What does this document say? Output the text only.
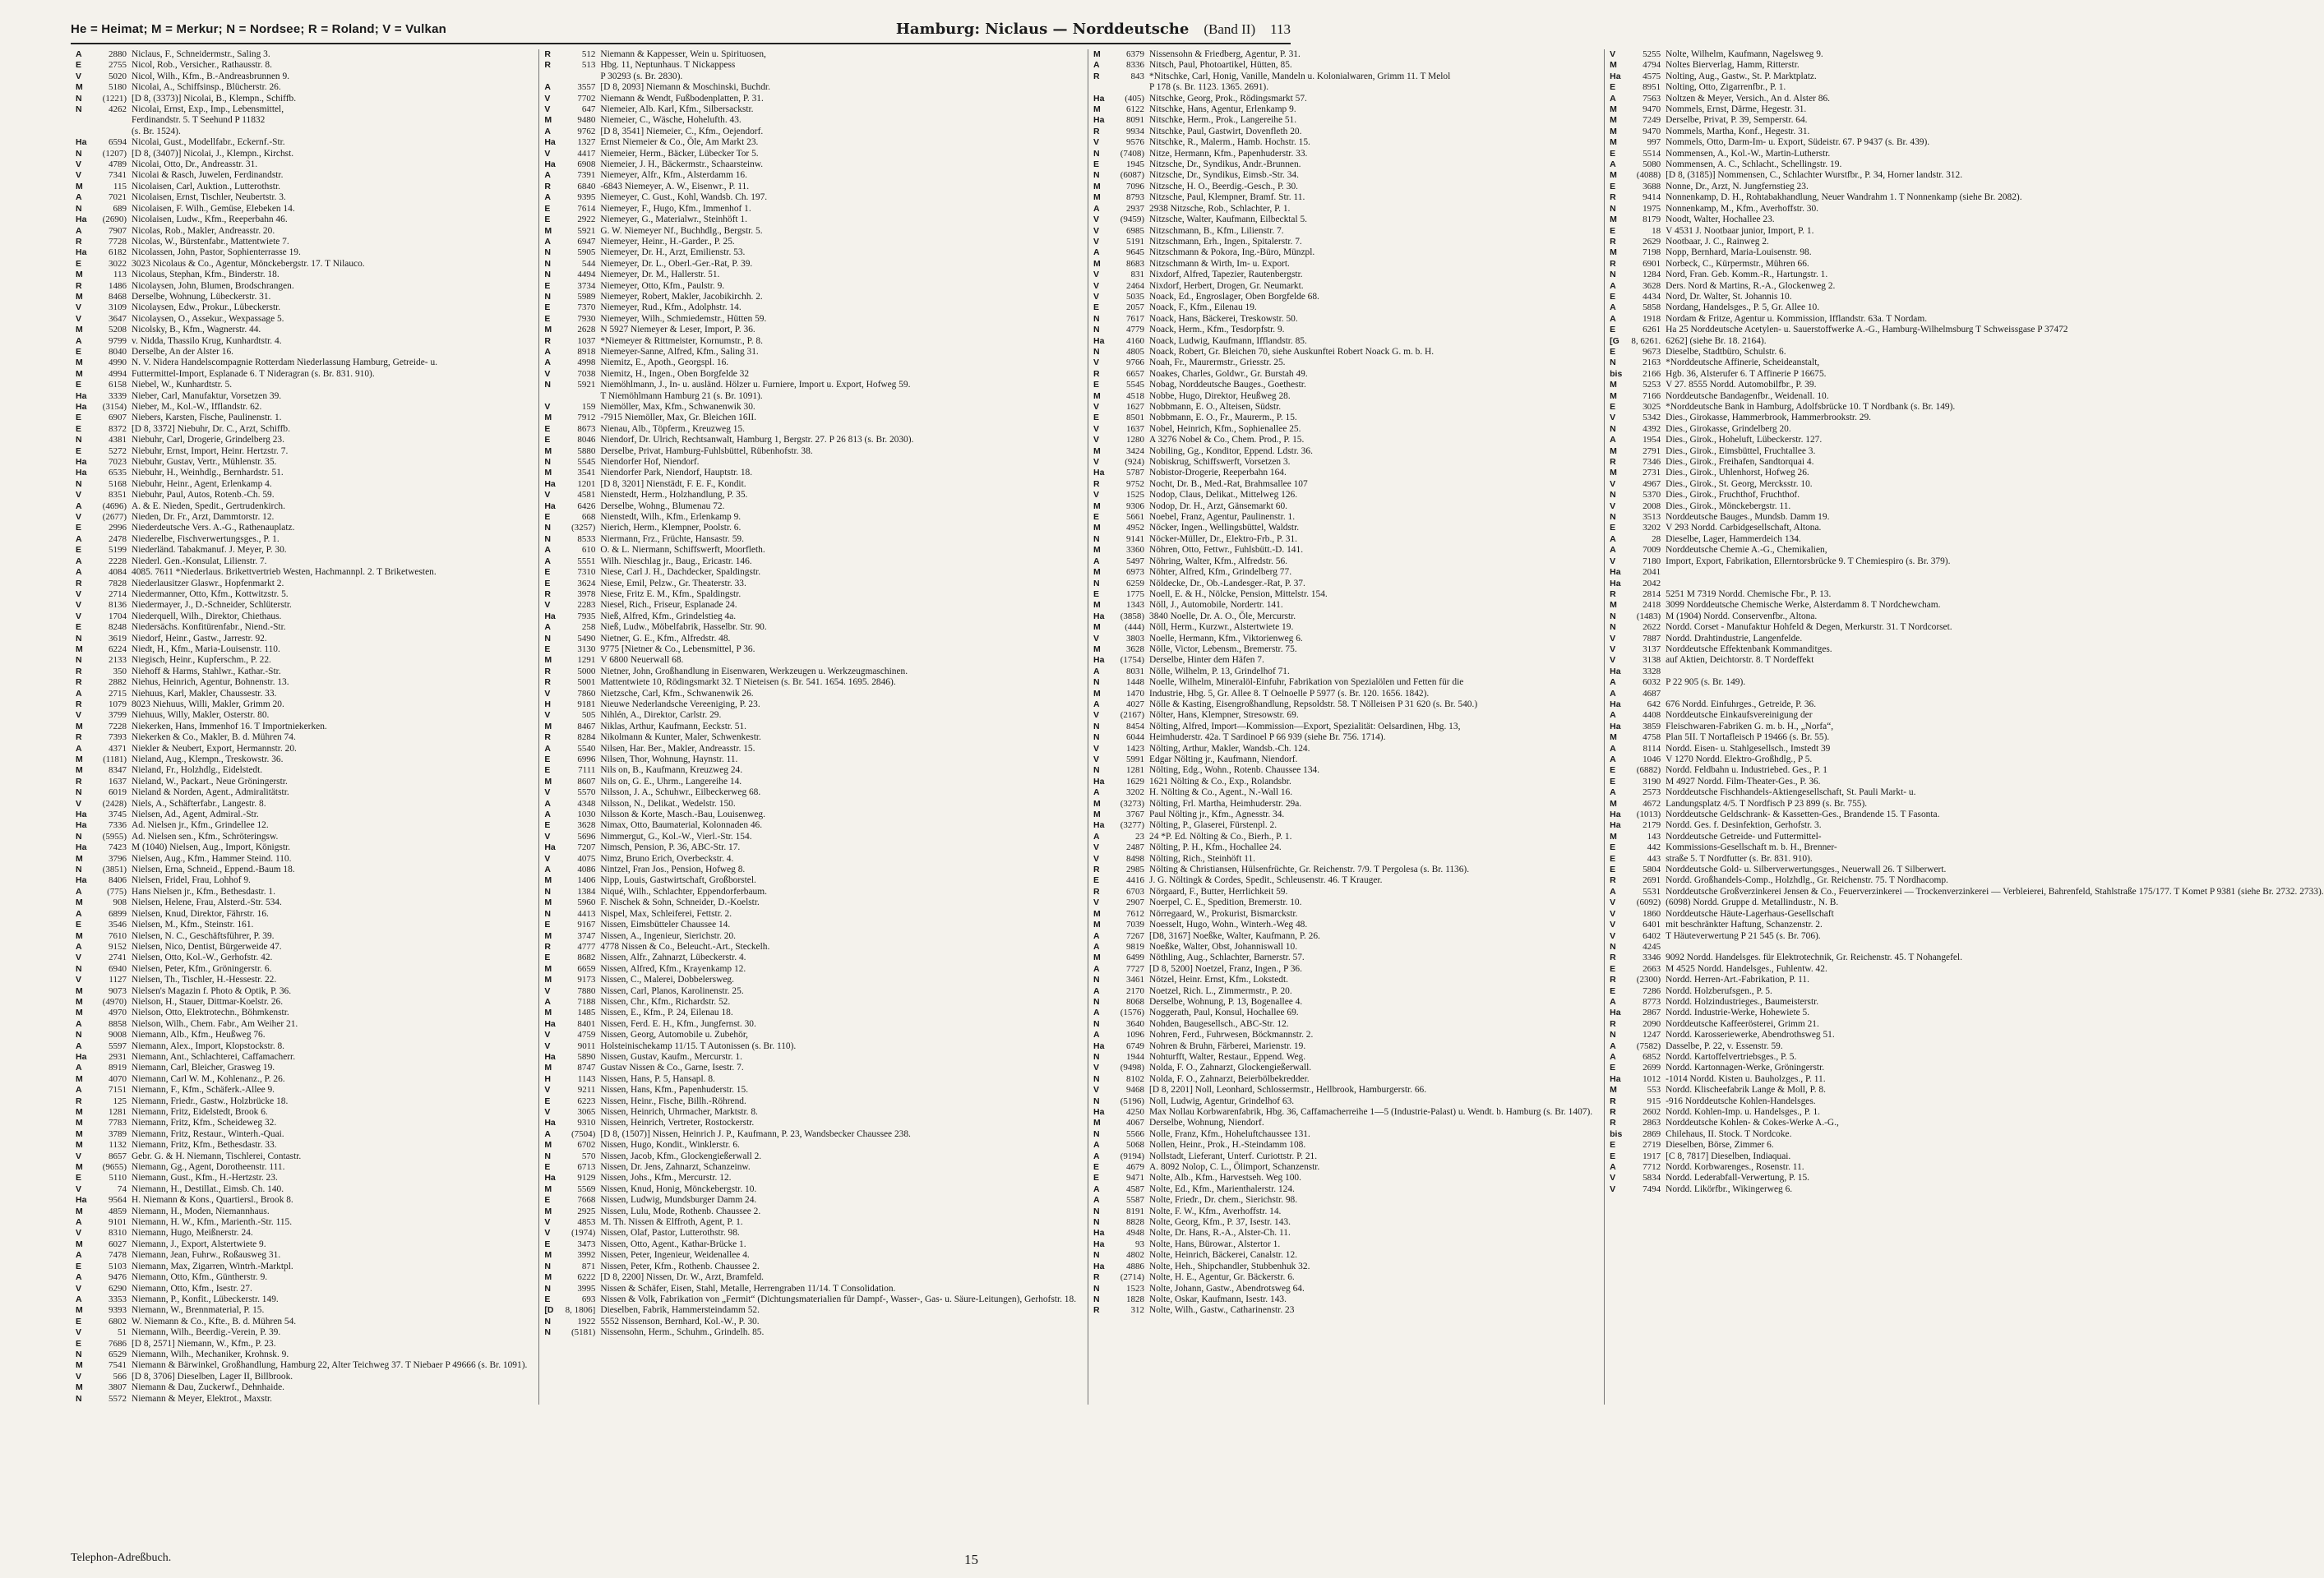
He = Heimat; M = Merkur; N = Nordsee; R = Roland; V = Vulkan	Hamburg: Niclaus — Norddeutsche (Band II) 113
A	2880 Niclaus, F., Schneidermstr., Saling 3.
E	2755 Nicol, Rob., Versicher., Rathausstr. 8.
V	5020 Nicol, Wilh., Kfm., B.-Andreasbrunnen 9.
M	5180 Nicolai, A., Schiffsinsp., Blücherstr. 26.
N (1221) [D 8, (3373)] Nicolai, B., Klempn., Schiffb.
N	4262 Nicolai, Ernst, Exp., Imp., Lebensmittel,
Ferdinandstr. 5. T Seehund P 11832
(s. Br. 1524).
Ha 6594 Nicolai, Gust., Modellfabr., Eckernf.-Str.
N (1207) [D 8, (3407)] Nicolai, J., Klempn., Kirchst.
V	4789 Nicolai, Otto, Dr., Andreasstr. 31.
V	7341 Nicolai & Rasch, Juwelen, Ferdinandstr.
M	115 Nicolaisen, Carl, Auktion., Lutterothstr.
A	7021 Nicolaisen, Ernst, Tischler, Neubertstr. 3.
N	689 Nicolaisen, F. Wilh., Gemüse, Elebeken 14.
Ha (2690) Nicolaisen, Ludw., Kfm., Reeperbahn 46.
A	7907 Nicolas, Rob., Makler, Andreasstr. 20.
R	7728 Nicolas, W., Bürstenfabr., Mattentwiete 7.
Ha 6182 Nicolassen, John, Pastor, Sophienterrasse 19.
E	3022 3023 Nicolaus & Co., Agentur, Mönckebergstr. 17. T Nilauco.
M	113 Nicolaus, Stephan, Kfm., Binderstr. 18.
R	1486 Nicolaysen, John, Blumen, Brodschrangen.
M	8468 Derselbe, Wohnung, Lübeckerstr. 31.
V	3109 Nicolaysen, Edw., Prokur., Lübeckerstr.
V	3647 Nicolaysen, O., Assekur., Wexpassage 5.
M	5208 Nicolsky, B., Kfm., Wagnerstr. 44.
A	9799 v. Nidda, Thassilo Krug, Kunhardtstr. 4.
E	8040 Derselbe, An der Alster 16.
M	4990 N. V. Nidera Handelscompagnie Rotterdam Niederlassung Hamburg, Getreide- u.
M	4994 Futtermittel-Import, Esplanade 6. T Nideragran (s. Br. 831. 910).
E	6158 Niebel, W., Kunhardtstr. 5.
Ha 3339 Nieber, Carl, Manufaktur, Vorsetzen 39.
Ha (3154) Nieber, M., Kol.-W., Ifflandstr. 62.
E	6907 Niebers, Karsten, Fische, Paulinenstr. 1.
E	8372 [D 8, 3372] Niebuhr, Dr. C., Arzt, Schiffb.
N	4381 Niebuhr, Carl, Drogerie, Grindelberg 23.
E	5272 Niebuhr, Ernst, Import, Heinr. Hertzstr. 7.
Ha 7023 Niebuhr, Gustav, Vertr., Mühlenstr. 35.
Ha 6535 Niebuhr, H., Weinhdlg., Bernhardstr. 51.
N	5168 Niebuhr, Heinr., Agent, Erlenkamp 4.
V	8351 Niebuhr, Paul, Autos, Rotenb.-Ch. 59.
A (4696) A. & E. Nieden, Spedit., Gertrudenkirch.
V (2677) Nieden, Dr. Fr., Arzt, Dammtorstr. 12.
E	2996 Niederdeutsche Vers. A.-G., Rathenauplatz.
A	2478 Niederelbe, Fischverwertungsges., P. 1.
E	5199 Niederländ. Tabakmanuf. J. Meyer, P. 30.
A	2228 Niederl. Gen.-Konsulat, Lilienstr. 7.
A	4084 4085. 7611 *Niederlaus. Brikettvertrieb Westen, Hachmannpl. 2. T Briketwesten.
R	7828 Niederlausitzer Glaswr., Hopfenmarkt 2.
V	2714 Niedermanner, Otto, Kfm., Kottwitzstr. 5.
V	8136 Niedermayer, J., D.-Schneider, Schlüterstr.
V	1704 Niederquell, Wilh., Direktor, Chiethaus.
E	8248 Niedersächs. Konfitürenfabr., Niend.-Str.
N	3619 Niedorf, Heinr., Gastw., Jarrestr. 92.
M	6224 Niedt, H., Kfm., Maria-Louisenstr. 110.
N	2133 Niegisch, Heinr., Kupferschm., P. 22.
R	350 Niehoff & Harms, Stahlwr., Kathar.-Str.
R	2882 Niehus, Heinrich, Agentur, Bohnenstr. 13.
A	2715 Niehuus, Karl, Makler, Chaussestr. 33.
R	1079 8023 Niehuus, Willi, Makler, Grimm 20.
V	3799 Niehuus, Willy, Makler, Osterstr. 80.
M	7228 Niekerken, Hans, Immenhof 16. T Importniekerken.
R	7393 Niekerken & Co., Makler, B. d. Mühren 74.
A	4371 Niekler & Neubert, Export, Hermannstr. 20.
M (1181) Nieland, Aug., Klempn., Treskowstr. 36.
M	8347 Nieland, Fr., Holzhdlg., Eidelstedt.
R	1637 Nieland, W., Packart., Neue Gröningerstr.
N	6019 Nieland & Norden, Agent., Admiralitätstr.
V (2428) Niels, A., Schäfterfabr., Langestr. 8.
Ha 3745 Nielsen, Ad., Agent, Admiral.-Str.
Ha 7336 Ad. Nielsen jr., Kfm., Grindellee 12.
N (5955) Ad. Nielsen sen., Kfm., Schröteringsw.
Ha 7423 M (1040) Nielsen, Aug., Import, Königstr.
M	3796 Nielsen, Aug., Kfm., Hammer Steind. 110.
N (3851) Nielsen, Erna, Schneid., Eppend.-Baum 18.
Ha 8406 Nielsen, Fridel, Frau, Lohhof 9.
A	(775) Hans Nielsen jr., Kfm., Bethesdastr. 1.
M	908 Nielsen, Helene, Frau, Alsterd.-Str. 534.
A	6899 Nielsen, Knud, Direktor, Fährstr. 16.
E	3546 Nielsen, M., Kfm., Steinstr. 161.
M	7610 Nielsen, N. C., Geschäftsführer, P. 39.
A	9152 Nielsen, Nico, Dentist, Bürgerweide 47.
V	2741 Nielsen, Otto, Kol.-W., Gerhofstr. 42.
N	6940 Nielsen, Peter, Kfm., Gröningerstr. 6.
V	1127 Nielsen, Th., Tischler, H.-Hessestr. 22.
M	9073 Nielsen's Magazin f. Photo & Optik, P. 36.
M (4970) Nielson, H., Stauer, Dittmar-Koelstr. 26.
M	4970 Nielson, Otto, Elektrotechn., Böhmkenstr.
A	8858 Nielson, Wilh., Chem. Fabr., Am Weiher 21.
N	9008 Niemann, Alb., Kfm., Heußweg 76.
A	5597 Niemann, Alex., Import, Klopstockstr. 8.
Ha 2931 Niemann, Ant., Schlachterei, Caffamacherr.
A	8919 Niemann, Carl, Bleicher, Grasweg 19.
M	4070 Niemann, Carl W. M., Kohlenanz., P. 26.
A	7151 Niemann, F., Kfm., Schäferk.-Allee 9.
R	125 Niemann, Friedr., Gastw., Holzbrücke 18.
M	1281 Niemann, Fritz, Eidelstedt, Brook 6.
M	7783 Niemann, Fritz, Kfm., Scheideweg 32.
M	3789 Niemann, Fritz, Restaur., Winterh.-Quai.
M	1132 Niemann, Fritz, Kfm., Bethesdastr. 33.
V	8657 Gebr. G. & H. Niemann, Tischlerei, Contastr.
M (9655) Niemann, Gg., Agent, Dorotheenstr. 111.
E	5110 Niemann, Gust., Kfm., H.-Hertzstr. 23.
V	74 Niemann, H., Destillat., Eimsb. Ch. 140.
Ha 9564 H. Niemann & Kons., Quartiersl., Brook 8.
M	4859 Niemann, H., Moden, Niemannhaus.
A	9101 Niemann, H. W., Kfm., Marienth.-Str. 115.
V	8310 Niemann, Hugo, Meißnerstr. 24.
M	6027 Niemann, J., Export, Alstertwiete 9.
A	7478 Niemann, Jean, Fuhrw., Roßausweg 31.
E	5103 Niemann, Max, Zigarren, Wintrh.-Marktpl.
A	9476 Niemann, Otto, Kfm., Güntherstr. 9.
V	6290 Niemann, Otto, Kfm., Isestr. 27.
A	3353 Niemann, P., Konfit., Lübeckerstr. 149.
M	9393 Niemann, W., Brennmaterial, P. 15.
E	6802 W. Niemann & Co., Kfte., B. d. Mühren 54.
V	51 Niemann, Wilh., Beerdig.-Verein, P. 39.
E	7686 [D 8, 2571] Niemann, W., Kfm., P. 23.
N	6529 Niemann, Wilh., Mechaniker, Krohnsk. 9.
M	7541 Niemann & Bärwinkel, Großhandlung, Hamburg 22, Alter Teichweg 37. T Niebaer P 49666 (s. Br. 1091).
V	566 [D 8, 3706] Dieselben, Lager II, Billbrook.
M	3807 Niemann & Dau, Zuckerwf., Dehnhaide.
N	5572 Niemann & Meyer, Elektrot., Maxstr.
R	512 Niemann & Kappesser, Wein u. Spirituosen,
R	513 Hbg. 11, Neptunhaus. T Nickappess
P 30293 (s. Br. 2830).
A	3557 [D 8, 2093] Niemann & Moschinski, Buchdr.
V	7702 Niemann & Wendt, Fußbodenplatten, P. 31.
V	647 Niemeier, Alb. Karl, Kfm., Silbersackstr.
M	9480 Niemeier, C., Wäsche, Hohelufth. 43.
A	9762 [D 8, 3541] Niemeier, C., Kfm., Oejendorf.
Ha 1327 Ernst Niemeier & Co., Öle, Am Markt 23.
V	4417 Niemeier, Herm., Bäcker, Lübecker Tor 5.
Ha 6908 Niemeier, J. H., Bäckermstr., Schaarsteinw.
A	7391 Niemeyer, Alfr., Kfm., Alsterdamm 16.
R	6840 -6843 Niemeyer, A. W., Eisenwr., P. 11.
A	9395 Niemeyer, C. Gust., Kohl, Wandsb. Ch. 197.
E	7614 Niemeyer, F., Hugo, Kfm., Immenhof 1.
E	2922 Niemeyer, G., Materialwr., Steinhöft 1.
M	5921 G. W. Niemeyer Nf., Buchhdlg., Bergstr. 5.
A	6947 Niemeyer, Heinr., H.-Garder., P. 25.
N	5905 Niemeyer, Dr. H., Arzt, Emilienstr. 53.
N	544 Niemeyer, Dr. L., Oberl.-Ger.-Rat, P. 39.
N	4494 Niemeyer, Dr. M., Hallerstr. 51.
E	3734 Niemeyer, Otto, Kfm., Paulstr. 9.
N	5989 Niemeyer, Robert, Makler, Jacobikirchh. 2.
E	7370 Niemeyer, Rud., Kfm., Adolphstr. 14.
E	7930 Niemeyer, Wilh., Schmiedemstr., Hütten 59.
M	2628 N 5927 Niemeyer & Leser, Import, P. 36.
R	1037 *Niemeyer & Rittmeister, Kornumstr., P. 8.
A	8918 Niemeyer-Sanne, Alfred, Kfm., Saling 31.
A	4998 Niemitz, E., Apoth., Georgspl. 16.
V	7038 Niemitz, H., Ingen., Oben Borgfelde 32
N	5921 Niemöhlmann, J., In- u. ausländ. Hölzer u. Furniere, Import u. Export, Hofweg 59.
T Niemöhlmann Hamburg 21 (s. Br. 1091).
V	159 Niemöller, Max, Kfm., Schwanenwik 30.
M	7912 -7915 Niemöller, Max, Gr. Bleichen 16II.
E	8673 Nienau, Alb., Töpferm., Kreuzweg 15.
E	8046 Niendorf, Dr. Ulrich, Rechtsanwalt, Hamburg 1, Bergstr. 27. P 26 813 (s. Br. 2030).
M	5880 Derselbe, Privat, Hamburg-Fuhlsbüttel, Rübenhofstr. 38.
N	5545 Niendorfer Hof, Niendorf.
M	3541 Niendorfer Park, Niendorf, Hauptstr. 18.
Ha 1201 [D 8, 3201] Nienstädt, F. E. F., Kondit.
V	4581 Nienstedt, Herm., Holzhandlung, P. 35.
Ha 6426 Derselbe, Wohng., Blumenau 72.
E	668 Nienstedt, Wilh., Kfm., Erlenkamp 9.
N (3257) Nierich, Herm., Klempner, Poolstr. 6.
N	8533 Niermann, Frz., Früchte, Hansastr. 59.
A	610 O. & L. Niermann, Schiffswerft, Moorfleth.
A	5551 Wilh. Nieschlag jr., Baug., Ericastr. 146.
E	7310 Niese, Carl J. H., Dachdecker, Spaldingstr.
E	3624 Niese, Emil, Pelzw., Gr. Theaterstr. 33.
R	3978 Niese, Fritz E. M., Kfm., Spaldingstr.
V	2283 Niesel, Rich., Friseur, Esplanade 24.
Ha 7935 Nieß, Alfred, Kfm., Grindelstieg 4a.
A	258 Nieß, Ludw., Möbelfabrik, Hasselbr. Str. 90.
N	5490 Nietner, G. E., Kfm., Alfredstr. 48.
E	3130 9775 [Nietner & Co., Lebensmittel, P 36.
M	1291 V 6800 Neuerwall 68.
R	5000 Nietner, John, Großhandlung in Eisenwaren, Werkzeugen u. Werkzeugmaschinen.
R	5001 Mattentwiete 10, Rödingsmarkt 32. T Nieteisen (s. Br. 541. 1654. 1695. 2846).
V	7860 Nietzsche, Carl, Kfm., Schwanenwik 26.
H	9181 Nieuwe Nederlandsche Vereeniging, P. 23.
V	505 Nihlén, A., Direktor, Carlstr. 29.
M	8467 Niklas, Arthur, Kaufmann, Eeckstr. 51.
R	8284 Nikolmann & Kunter, Maler, Schwenkestr.
A	5540 Nilsen, Har. Ber., Makler, Andreasstr. 15.
E	6996 Nilsen, Thor, Wohnung, Haynstr. 11.
E	7111 Nils on, B., Kaufmann, Kreuzweg 24.
M	8607 Nils on, G. E., Uhrm., Langereihe 14.
V	5570 Nilsson, J. A., Schuhwr., Eilbeckerweg 68.
A	4348 Nilsson, N., Delikat., Wedelstr. 150.
A	1030 Nilsson & Korte, Masch.-Bau, Louisenweg.
E	3628 Nimax, Otto, Baumaterial, Kolonnaden 46.
V	5696 Nimmergut, G., Kol.-W., Vierl.-Str. 154.
Ha 7207 Nimsch, Pension, P. 36, ABC-Str. 17.
V	4075 Nimz, Bruno Erich, Overbeckstr. 4.
A	4086 Nintzel, Fran Jos., Pension, Hofweg 8.
M	1406 Nipp, Louis, Gastwirtschaft, Großborstel.
N	1384 Niqué, Wilh., Schlachter, Eppendorferbaum.
M	5960 F. Nischek & Sohn, Schneider, D.-Koelstr.
N	4413 Nispel, Max, Schleiferei, Fettstr. 2.
E	9167 Nissen, Eimsbütteler Chaussee 14.
M	3747 Nissen, A., Ingenieur, Sierichstr. 20.
R	4777 4778 Nissen & Co., Beleucht.-Art., Steckelh.
E	8682 Nissen, Alfr., Zahnarzt, Lübeckerstr. 4.
M	6659 Nissen, Alfred, Kfm., Krayenkamp 12.
M	9173 Nissen, C., Malerei, Dobbelersweg.
V	7880 Nissen, Carl, Planos, Karolinenstr. 25.
A	7188 Nissen, Chr., Kfm., Richardstr. 52.
M	1485 Nissen, E., Kfm., P. 24, Eilenau 18.
Ha 8401 Nissen, Ferd. E. H., Kfm., Jungfernst. 30.
V	4759 Nissen, Georg, Automobile u. Zubehör,
V	9011 Holsteinischekamp 11/15. T Autonissen (s. Br. 110).
Ha 5890 Nissen, Gustav, Kaufm., Mercurstr. 1.
M	8747 Gustav Nissen & Co., Garne, Isestr. 7.
H	1143 Nissen, Hans, P. 5, Hansapl. 8.
V	9211 Nissen, Hans, Kfm., Papenhuderstr. 15.
E	6223 Nissen, Heinr., Fische, Billh.-Röhrend.
V	3065 Nissen, Heinrich, Uhrmacher, Marktstr. 8.
Ha 9310 Nissen, Heinrich, Vertreter, Rostockerstr.
A (7504) [D 8, (1507)] Nissen, Heinrich J. P., Kaufmann, P. 23, Wandsbecker Chaussee 238.
M	6702 Nissen, Hugo, Kondit., Winklerstr. 6.
N	570 Nissen, Jacob, Kfm., Glockengießerwall 2.
E	6713 Nissen, Dr. Jens, Zahnarzt, Schanzeinw.
Ha 9129 Nissen, Johs., Kfm., Mercurstr. 12.
M	5569 Nissen, Knud, Honig, Mönckebergstr. 10.
E	7668 Nissen, Ludwig, Mundsburger Damm 24.
M	2925 Nissen, Lulu, Mode, Rothenb. Chaussee 2.
V	4853 M. Th. Nissen & Elffroth, Agent, P. 1.
V (1974) Nissen, Olaf, Pastor, Lutterothstr. 98.
E	3473 Nissen, Otto, Agent., Kathar-Brücke 1.
M	3992 Nissen, Peter, Ingenieur, Weidenallee 4.
N	871 Nissen, Peter, Kfm., Rothenb. Chaussee 2.
M	6222 [D 8, 2200] Nissen, Dr. W., Arzt, Bramfeld.
N	3995 Nissen & Schäfer, Eisen, Stahl, Metalle, Herrengraben 11/14. T Consolidation.
E	693 Nissen & Volk, Fabrikation von „Fermit“ (Dichtungsmaterialien für Dampf-, Wasser-, Gas- u. Säure-Leitungen), Gerhofstr. 18.
[D 8, 1806] Dieselben, Fabrik, Hammersteindamm 52.
N	1922 5552 Nissenson, Bernhard, Kol.-W., P. 30.
N (5181) Nissensohn, Herm., Schuhm., Grindelh. 85.
M	6379 Nissensohn & Friedberg, Agentur, P. 31.
A	8336 Nitsch, Paul, Photoartikel, Hütten, 85.
R	843 *Nitschke, Carl, Honig, Vanille, Mandeln u. Kolonialwaren, Grimm 11. T Melol
P 178 (s. Br. 1123. 1365. 2691).
Ha (405) Nitschke, Georg, Prok., Rödingsmarkt 57.
M	6122 Nitschke, Hans, Agentur, Erlenkamp 9.
Ha 8091 Nitschke, Herm., Prok., Langereihe 51.
R	9934 Nitschke, Paul, Gastwirt, Dovenfleth 20.
V	9576 Nitschke, R., Malerm., Hamb. Hochstr. 15.
N (7408) Nitze, Hermann, Kfm., Papenhuderstr. 33.
E	1945 Nitzsche, Dr., Syndikus, Andr.-Brunnen.
N (6087) Nitzsche, Dr., Syndikus, Eimsb.-Str. 34.
M	7096 Nitzsche, H. O., Beerdig.-Gesch., P. 30.
M	8793 Nitzsche, Paul, Klempner, Bramf. Str. 11.
A	2937 2938 Nitzsche, Rob., Schlachter, P. 1.
V (9459) Nitzsche, Walter, Kaufmann, Eilbecktal 5.
V	6985 Nitzschmann, B., Kfm., Lilienstr. 7.
V	5191 Nitzschmann, Erh., Ingen., Spitalerstr. 7.
A	9645 Nitzschmann & Pokora, Ing.-Büro, Münzpl.
M	8683 Nitzschmann & Wirth, Im- u. Export.
V	831 Nixdorf, Alfred, Tapezier, Rautenbergstr.
V	2464 Nixdorf, Herbert, Drogen, Gr. Neumarkt.
V	5035 Noack, Ed., Engroslager, Oben Borgfelde 68.
E	2057 Noack, F., Kfm., Eilenau 19.
N	7617 Noack, Hans, Bäckerei, Treskowstr. 50.
N	4779 Noack, Herm., Kfm., Tesdorpfstr. 9.
Ha 4160 Noack, Ludwig, Kaufmann, Ifflandstr. 85.
N	4805 Noack, Robert, Gr. Bleichen 70, siehe Auskunftei Robert Noack G. m. b. H.
V	9766 Noah, Fr., Maurermstr., Griesstr. 25.
R	6657 Noakes, Charles, Goldwr., Gr. Burstah 49.
E	5545 Nobag, Norddeutsche Bauges., Goethestr.
M	4518 Nobbe, Hugo, Direktor, Heußweg 28.
V	1627 Nobbmann, E. O., Alteisen, Südstr.
E	8501 Nobbmann, E. O., Fr., Maurerm., P. 15.
V	1637 Nobel, Heinrich, Kfm., Sophienallee 25.
V	1280 A 3276 Nobel & Co., Chem. Prod., P. 15.
M	3424 Nobiling, Gg., Konditor, Eppend. Ldstr. 36.
V	(924) Nobiskrug, Schiffswerft, Vorsetzen 3.
Ha 5787 Nobistor-Drogerie, Reeperbahn 164.
R	9752 Nocht, Dr. B., Med.-Rat, Brahmsallee 107
V	1525 Nodop, Claus, Delikat., Mittelweg 126.
M	9306 Nodop, Dr. H., Arzt, Gänsemarkt 60.
E	5661 Noebel, Franz, Agentur, Paulinenstr. 1.
M	4952 Nöcker, Ingen., Wellingsbüttel, Waldstr.
N	9141 Nöcker-Müller, Dr., Elektro-Frb., P. 31.
M	3360 Nöhren, Otto, Fettwr., Fuhlsbütt.-D. 141.
A	5497 Nöhring, Walter, Kfm., Alfredstr. 56.
M	6973 Nöhter, Alfred, Kfm., Grindelberg 77.
N	6259 Nöldecke, Dr., Ob.-Landesger.-Rat, P. 37.
E	1775 Noell, E. & H., Nölcke, Pension, Mittelstr. 154.
M	1343 Nöll, J., Automobile, Nordertr. 141.
Ha (3858) 3840 Noelle, Dr. A. O., Öle, Mercurstr.
M	(444) Nöll, Herm., Kurzwr., Alstertwiete 19.
V	3803 Noelle, Hermann, Kfm., Viktorienweg 6.
M	3628 Nölle, Victor, Lebensm., Bremerstr. 75.
Ha (1754) Derselbe, Hinter dem Häfen 7.
A	8031 Nölle, Wilhelm, P. 13, Grindelhof 71.
N	1448 Noelle, Wilhelm, Mineralöl-Einfuhr, Fabrikation von Spezialölen und Fetten für die
M	1470 Industrie, Hbg. 5, Gr. Allee 8. T Oelnoelle P 5977 (s. Br. 120. 1656. 1842).
A	4027 Nölle & Kasting, Eisengroßhandlung, Repsoldstr. 58. T Nölleisen P 31 620 (s. Br. 540.)
V (2167) Nölter, Hans, Klempner, Stresowstr. 69.
N	8454 Nölting, Alfred, Import—Kommission—Export, Spezialität: Oelsardinen, Hbg. 13,
N	6044 Heimhuderstr. 42a. T Sardinoel P 66 939 (siehe Br. 756. 1714).
V	1423 Nölting, Arthur, Makler, Wandsb.-Ch. 124.
V	5991 Edgar Nölting jr., Kaufmann, Niendorf.
N	1281 Nölting, Edg., Wohn., Rotenb. Chaussee 134.
Ha 1629 1621 Nölting & Co., Exp., Rolandsbr.
A	3202 H. Nölting & Co., Agent., N.-Wall 16.
M (3273) Nölting, Frl. Martha, Heimhuderstr. 29a.
M	3767 Paul Nölting jr., Kfm., Agnesstr. 34.
Ha (3277) Nölting, P., Glaserei, Fürstenpl. 2.
A	23 24 *P. Ed. Nölting & Co., Bierh., P. 1.
V	2487 Nölting, P. H., Kfm., Hochallee 24.
V	8498 Nölting, Rich., Steinhöft 11.
R	2985 Nölting & Christiansen, Hülsenfrüchte, Gr. Reichenstr. 7/9. T Pergolesa (s. Br. 1136).
E	4416 J. G. Nöltingk & Cordes, Spedit., Schleusenstr. 46. T Krauger.
R	6703 Nörgaard, F., Butter, Herrlichkeit 59.
V	2907 Noerpel, C. E., Spedition, Bremerstr. 10.
M	7612 Nörregaard, W., Prokurist, Bismarckstr.
M	7039 Noesselt, Hugo, Wohn., Winterh.-Weg 48.
A	7267 [D8, 3167] Noeßke, Walter, Kaufmann, P. 26.
A	9819 Noeßke, Walter, Obst, Johanniswall 10.
M	6499 Nöthling, Aug., Schlachter, Barnerstr. 57.
A	7727 [D 8, 5200] Noetzel, Franz, Ingen., P 36.
N	3461 Nötzel, Heinr. Ernst, Kfm., Lokstedt.
A	2170 Noetzel, Rich. L., Zimmermstr., P. 20.
N	8068 Derselbe, Wohnung, P. 13, Bogenallee 4.
A (1576) Noggerath, Paul, Konsul, Hochallee 69.
N	3640 Nohden, Baugesellsch., ABC-Str. 12.
A	1096 Nohren, Ferd., Fuhrwesen, Böckmannstr. 2.
Ha 6749 Nohren & Bruhn, Färberei, Marienstr. 19.
N	1944 Nohturfft, Walter, Restaur., Eppend. Weg.
V (9498) Nolda, F. O., Zahnarzt, Glockengießerwall.
N	8102 Nolda, F. O., Zahnarzt, Beierbölbekredder.
V	9468 [D 8, 2201] Noll, Leonhard, Schlossermstr., Hellbrook, Hamburgerstr. 66.
N (5196) Noll, Ludwig, Agentur, Grindelhof 63.
Ha 4250 Max Nollau Korbwarenfabrik, Hbg. 36, Caffamacherreihe 1—5 (Industrie-Palast) u. Wendt. b. Hamburg (s. Br. 1407).
M	4067 Derselbe, Wohnung, Niendorf.
N	5566 Nolle, Franz, Kfm., Hoheluftchaussee 131.
A	5068 Nollen, Heinr., Prok., H.-Steindamm 108.
A (9194) Nollstadt, Lieferant, Unterf. Curiottstr. P. 21.
E	4679 A. 8092 Nolop, C. L., Ölimport, Schanzenstr.
E	9471 Nolte, Alb., Kfm., Harvestseh. Weg 100.
A	4587 Nolte, Ed., Kfm., Marienthalerstr. 124.
A	5587 Nolte, Friedr., Dr. chem., Sierichstr. 98.
N	8191 Nolte, F. W., Kfm., Averhoffstr. 14.
N	8828 Nolte, Georg, Kfm., P. 37, Isestr. 143.
Ha 4948 Nolte, Dr. Hans, R.-A., Alster-Ch. 11.
Ha	93 Nolte, Hans, Bürowar., Alstertor 1.
N	4802 Nolte, Heinrich, Bäckerei, Canalstr. 12.
Ha 4886 Nolte, Heh., Shipchandler, Stubbenhuk 32.
R (2714) Nolte, H. E., Agentur, Gr. Bäckerstr. 6.
N	1523 Nolte, Johann, Gastw., Abendrotsweg 64.
N	1828 Nolte, Oskar, Kaufmann, Isestr. 143.
R	312 Nolte, Wilh., Gastw., Catharinenstr. 23
V	5255 Nolte, Wilhelm, Kaufmann, Nagelsweg 9.
M	4794 Noltes Bierverlag, Hamm, Ritterstr.
Ha 4575 Nolting, Aug., Gastw., St. P. Marktplatz.
E	8951 Nolting, Otto, Zigarrenfbr., P. 1.
A	7563 Noltzen & Meyer, Versich., An d. Alster 86.
M	9470 Nommels, Ernst, Därme, Hegestr. 31.
M	7249 Derselbe, Privat, P. 39, Semperstr. 64.
M	9470 Nommels, Martha, Konf., Hegestr. 31.
M	997 Nommels, Otto, Darm-Im- u. Export, Südeistr. 67. P 9437 (s. Br. 439).
E	5514 Nommensen, A., Kol.-W., Martin-Lutherstr.
A	5080 Nommensen, A. C., Schlacht., Schellingstr. 19.
M (4088) [D 8, (3185)] Nommensen, C., Schlachter Wurstfbr., P. 34, Horner landstr. 312.
E	3688 Nonne, Dr., Arzt, N. Jungfernstieg 23.
R	9414 Nonnenkamp, D. H., Rohtabakhandlung, Neuer Wandrahm 1. T Nonnenkamp (siehe Br. 2082).
N	1975 Nonnenkamp, M., Kfm., Averhoffstr. 30.
M	8179 Noodt, Walter, Hochallee 23.
E	18 V 4531 J. Nootbaar junior, Import, P. 1.
R	2629 Nootbaar, J. C., Rainweg 2.
M	7198 Nopp, Bernhard, Maria-Louisenstr. 98.
R	6901 Norbeck, C., Kürpermstr., Mühren 66.
N	1284 Nord, Fran. Geb. Komm.-R., Hartungstr. 1.
A	3628 Ders. Nord & Martins, R.-A., Glockenweg 2.
E	4434 Nord, Dr. Walter, St. Johannis 10.
A	5858 Nordang, Handelsges., P. 5, Gr. Allee 10.
A	1918 Nordam & Fritze, Agentur u. Kommission, Ifflandstr. 63a. T Nordam.
E	6261 Ha 25 Norddeutsche Acetylen- u. Sauerstoffwerke A.-G., Hamburg-Wilhelmsburg T Schweissgase P 37472
[G 8, 6261. 6262] (siehe Br. 18. 2164).
E	9673 Dieselbe, Stadtbüro, Schulstr. 6.
N	2163 *Norddeutsche Affinerie, Scheideanstalt,
bis 2166 Hgb. 36, Alsterufer 6. T Affinerie P 16675.
M	5253 V 27. 8555 Nordd. Automobilfbr., P. 39.
M	7166 Norddeutsche Bandagenfbr., Weidenall. 10.
E	3025 *Norddeutsche Bank in Hamburg, Adolfsbrücke 10. T Nordbank (s. Br. 149).
V	5342 Dies., Girokasse, Hammerbrook, Hammerbrookstr. 29.
N	4392 Dies., Girokasse, Grindelberg 20.
A	1954 Dies., Girok., Hoheluft, Lübeckerstr. 127.
M	2791 Dies., Girok., Eimsbüttel, Fruchtallee 3.
R	7346 Dies., Girok., Freihafen, Sandtorquai 4.
M	2731 Dies., Girok., Uhlenhorst, Hofweg 26.
V	4967 Dies., Girok., St. Georg, Mercksstr. 10.
N	5370 Dies., Girok., Fruchthof, Fruchthof.
V	2008 Dies., Girok., Mönckebergstr. 11.
N	3513 Norddeutsche Bauges., Mundsb. Damm 19.
E	3202 V 293 Nordd. Carbidgesellschaft, Altona.
A	28 Dieselbe, Lager, Hammerdeich 134.
A	7009 Norddeutsche Chemie A.-G., Chemikalien,
V	7180 Import, Export, Fabrikation, Ellerntorsbrücke 9. T Chemiespiro (s. Br. 379).
Ha 2041
Ha 2042
R	2814 5251 M 7319 Nordd. Chemische Fbr., P. 13.
M	2418 3099 Norddeutsche Chemische Werke, Alsterdamm 8. T Nordchewcham.
N (1483) M (1904) Nordd. Conservenfbr., Altona.
N	2622 Nordd. Corset - Manufaktur Hohfeld & Degen, Merkurstr. 31. T Nordcorset.
V	7887 Nordd. Drahtindustrie, Langenfelde.
V	3137 Norddeutsche Effektenbank Kommanditges.
V	3138 auf Aktien, Deichtorstr. 8. T Nordeffekt
Ha 3328
A	6032 P 22 905 (s. Br. 149).
A	4687
Ha	642 676 Nordd. Einfuhrges., Getreide, P. 36.
A	4408 Norddeutsche Einkaufsvereinigung der
Ha 3859 Fleischwaren-Fabriken G. m. b. H., „Norfa“,
M	4758 Plan 5II. T Nortafleisch P 19466 (s. Br. 55).
A	8114 Nordd. Eisen- u. Stahlgesellsch., Imstedt 39
A	1046 V 1270 Nordd. Elektro-Großhdlg., P 5.
E (6882) Nordd. Feldbahn u. Industriebed. Ges., P. 1
E	3190 M 4927 Nordd. Film-Theater-Ges., P. 36.
A	2573 Norddeutsche Fischhandels-Aktiengesellschaft, St. Pauli Markt- u.
M	4672 Landungsplatz 4/5. T Nordfisch P 23 899 (s. Br. 755).
Ha (1013) Norddeutsche Geldschrank- & Kassetten-Ges., Brandende 15. T Fasonta.
Ha 2179 Nordd. Ges. f. Desinfektion, Gerhofstr. 3.
M	143 Norddeutsche Getreide- und Futtermittel-
E	442 Kommissions-Gesellschaft m. b. H., Brenner-
E	443 straße 5. T Nordfutter (s. Br. 831. 910).
E	5804 Norddeutsche Gold- u. Silberverwertungsges., Neuerwall 26. T Silberwert.
R	2691 Nordd. Großhandels-Comp., Holzhdlg., Gr. Reichenstr. 75. T Nordhacomp.
A	5531 Norddeutsche Großverzinkerei Jensen & Co., Feuerverzinkerei — Trockenverzinkerei — Verbleierei, Bahrenfeld, Stahlstraße 175/177. T Komet P 9381 (siehe Br. 2732. 2733).
V (6092) (6098) Nordd. Gruppe d. Metallindustr., N. B.
V	1860 Norddeutsche Häute-Lagerhaus-Gesellschaft
V	6401 mit beschränkter Haftung, Schanzenstr. 2.
V	6402 T Häuteverwertung P 21 545 (s. Br. 706).
N	4245
R	3346 9092 Nordd. Handelsges. für Elektrotechnik, Gr. Reichenstr. 45. T Nohangefel.
E	2663 M 4525 Nordd. Handelsges., Fuhlentw. 42.
R (2300) Nordd. Herren-Art.-Fabrikation, P. 11.
E	7286 Nordd. Holzberufsgen., P. 5.
A	8773 Nordd. Holzindustrieges., Baumeisterstr.
Ha 2867 Nordd. Industrie-Werke, Hohewiete 5.
R	2090 Norddeutsche Kaffeerösterei, Grimm 21.
N	1247 Nordd. Karosseriewerke, Abendrothsweg 51.
A (7582) Dasselbe, P. 22, v. Essenstr. 59.
A	6852 Nordd. Kartoffelvertriebsges., P. 5.
E	2699 Nordd. Kartonnagen-Werke, Gröningerstr.
Ha 1012 -1014 Nordd. Kisten u. Bauholzges., P. 11.
M	553 Nordd. Klischeefabrik Lange & Moll, P. 8.
R	915 -916 Norddeutsche Kohlen-Handelsges.
R	2602 Nordd. Kohlen-Imp. u. Handelsges., P. 1.
R	2863 Norddeutsche Kohlen- & Cokes-Werke A.-G.,
bis 2869 Chilehaus, II. Stock. T Nordcoke.
E	2719 Dieselben, Börse, Zimmer 6.
E	1917 [C 8, 7817] Dieselben, Indiaquai.
A	7712 Nordd. Korbwarenges., Rosenstr. 11.
V	5834 Nordd. Lederabfall-Verwertung, P. 15.
V	7494 Nordd. Likörfbr., Wikingerweg 6.
Telephon-Adreßbuch.	15
